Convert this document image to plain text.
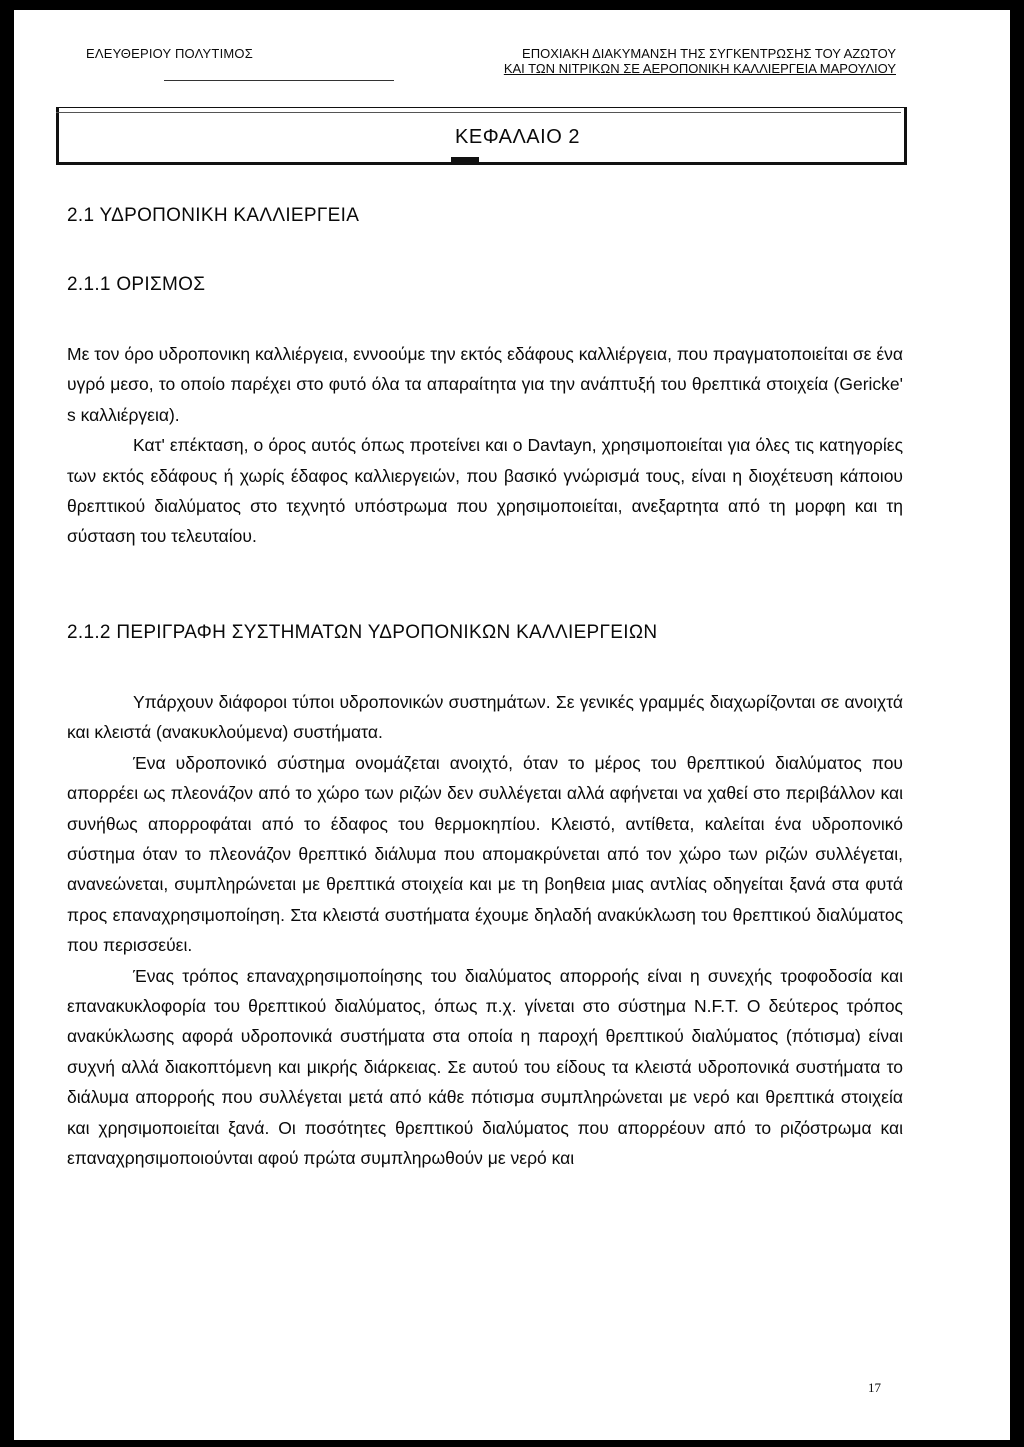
ΕΛΕΥΘΕΡΙΟΥ ΠΟΛΥΤΙΜΟΣ	ΕΠΟΧΙΑΚΗ ΔΙΑΚΥΜΑΝΣΗ ΤΗΣ ΣΥΓΚΕΝΤΡΩΣΗΣ ΤΟΥ ΑΖΩΤΟΥ
ΚΑΙ ΤΩΝ ΝΙΤΡΙΚΩΝ ΣΕ ΑΕΡΟΠΟΝΙΚΗ ΚΑΛΛΙΕΡΓΕΙΑ ΜΑΡΟΥΛΙΟΥ
ΚΕΦΑΛΑΙΟ 2
2.1 ΥΔΡΟΠΟΝΙΚΗ ΚΑΛΛΙΕΡΓΕΙΑ
2.1.1 ΟΡΙΣΜΟΣ

Με τον όρο υδροπονικη καλλιέργεια, εννοούμε την εκτός εδάφους καλλιέργεια, που πραγματοποιείται σε ένα υγρό μεσο, το οποίο παρέχει στο φυτό όλα τα απαραίτητα για την ανάπτυξή του θρεπτικά στοιχεία (Gericke' s καλλιέργεια).

Κατ' επέκταση, ο όρος αυτός όπως προτείνει και ο Davtayn, χρησιμοποιείται για όλες τις κατηγορίες των εκτός εδάφους ή χωρίς έδαφος καλλιεργειών, που βασικό γνώρισμά τους, είναι η διοχέτευση κάποιου θρεπτικού διαλύματος στο τεχνητό υπόστρωμα που χρησιμοποιείται, ανεξαρτητα από τη μορφη και τη σύσταση του τελευταίου.

2.1.2 ΠΕΡΙΓΡΑΦΗ ΣΥΣΤΗΜΑΤΩΝ ΥΔΡΟΠΟΝΙΚΩΝ ΚΑΛΛΙΕΡΓΕΙΩΝ

Υπάρχουν διάφοροι τύποι υδροπονικών συστημάτων. Σε γενικές γραμμές διαχωρίζονται σε ανοιχτά και κλειστά (ανακυκλούμενα) συστήματα.

Ένα υδροπονικό σύστημα ονομάζεται ανοιχτό, όταν το μέρος του θρεπτικού διαλύματος που απορρέει ως πλεονάζον από το χώρο των ριζών δεν συλλέγεται αλλά αφήνεται να χαθεί στο περιβάλλον και συνήθως απορροφάται από το έδαφος του θερμοκηπίου. Κλειστό, αντίθετα, καλείται ένα υδροπονικό σύστημα όταν το πλεονάζον θρεπτικό διάλυμα που απομακρύνεται από τον χώρο των ριζών συλλέγεται, ανανεώνεται, συμπληρώνεται με θρεπτικά στοιχεία και με τη βοηθεια μιας αντλίας οδηγείται ξανά στα φυτά προς επαναχρησιμοποίηση. Στα κλειστά συστήματα έχουμε δηλαδή ανακύκλωση του θρεπτικού διαλύματος που περισσεύει.

Ένας τρόπος επαναχρησιμοποίησης του διαλύματος απορροής είναι η συνεχής τροφοδοσία και επανακυκλοφορία του θρεπτικού διαλύματος, όπως π.χ. γίνεται στο σύστημα N.F.T. Ο δεύτερος τρόπος ανακύκλωσης αφορά υδροπονικά συστήματα στα οποία η παροχή θρεπτικού διαλύματος (πότισμα) είναι συχνή αλλά διακοπτόμενη και μικρής διάρκειας. Σε αυτού του είδους τα κλειστά υδροπονικά συστήματα το διάλυμα απορροής που συλλέγεται μετά από κάθε πότισμα συμπληρώνεται με νερό και θρεπτικά στοιχεία και χρησιμοποιείται ξανά. Οι ποσότητες θρεπτικού διαλύματος που απορρέουν από το ριζόστρωμα και επαναχρησιμοποιούνται αφού πρώτα συμπληρωθούν με νερό και

17
